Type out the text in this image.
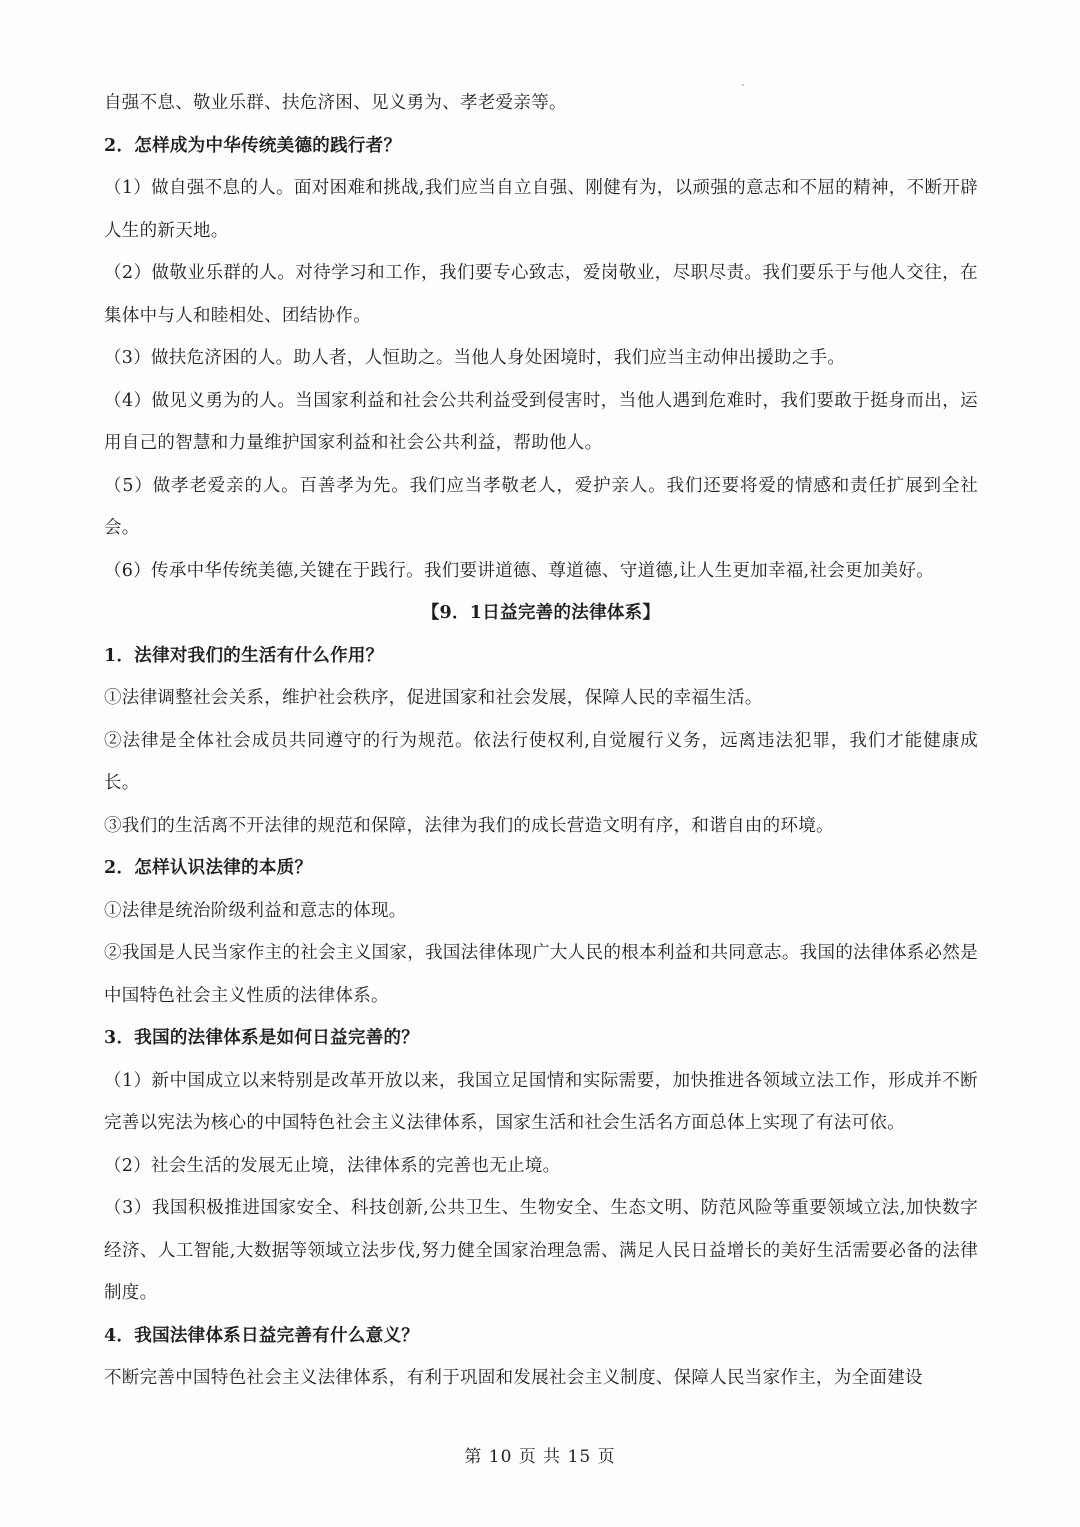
自强不息、敬业乐群、扶危济困、见义勇为、孝老爱亲等。

2．怎样成为中华传统美德的践行者？

（1）做自强不息的人。面对困难和挑战,我们应当自立自强、刚健有为，以顽强的意志和不屈的精神，不断开辟人生的新天地。

（2）做敬业乐群的人。对待学习和工作，我们要专心致志，爱岗敬业，尽职尽责。我们要乐于与他人交往，在集体中与人和睦相处、团结协作。

（3）做扶危济困的人。助人者，人恒助之。当他人身处困境时，我们应当主动伸出援助之手。

（4）做见义勇为的人。当国家利益和社会公共利益受到侵害时，当他人遇到危难时，我们要敢于挺身而出，运用自己的智慧和力量维护国家利益和社会公共利益，帮助他人。

（5）做孝老爱亲的人。百善孝为先。我们应当孝敬老人，爱护亲人。我们还要将爱的情感和责任扩展到全社会。

（6）传承中华传统美德,关键在于践行。我们要讲道德、尊道德、守道德,让人生更加幸福,社会更加美好。

【9．1日益完善的法律体系】

1．法律对我们的生活有什么作用？

①法律调整社会关系，维护社会秩序，促进国家和社会发展，保障人民的幸福生活。

②法律是全体社会成员共同遵守的行为规范。依法行使权利,自觉履行义务，远离违法犯罪，我们才能健康成长。

③我们的生活离不开法律的规范和保障，法律为我们的成长营造文明有序，和谐自由的环境。

2．怎样认识法律的本质？

①法律是统治阶级利益和意志的体现。

②我国是人民当家作主的社会主义国家，我国法律体现广大人民的根本利益和共同意志。我国的法律体系必然是中国特色社会主义性质的法律体系。

3．我国的法律体系是如何日益完善的？

（1）新中国成立以来特别是改革开放以来，我国立足国情和实际需要，加快推进各领域立法工作，形成并不断完善以宪法为核心的中国特色社会主义法律体系，国家生活和社会生活名方面总体上实现了有法可依。

（2）社会生活的发展无止境，法律体系的完善也无止境。

（3）我国积极推进国家安全、科技创新,公共卫生、生物安全、生态文明、防范风险等重要领域立法,加快数字经济、人工智能,大数据等领域立法步伐,努力健全国家治理急需、满足人民日益增长的美好生活需要必备的法律制度。

4．我国法律体系日益完善有什么意义？

不断完善中国特色社会主义法律体系，有利于巩固和发展社会主义制度、保障人民当家作主，为全面建设

第 10 页 共 15 页
